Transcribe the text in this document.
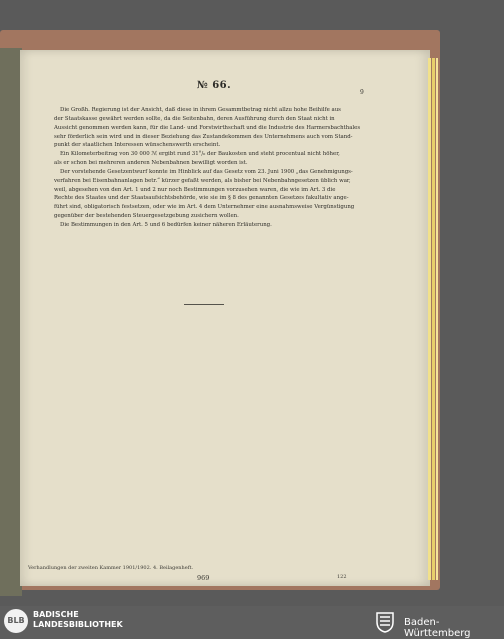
№ 66.
9
Die Großh. Regierung ist der Ansicht, daß diese in ihrem Gesammtbetrag nicht allzu hohe Beihilfe aus
der Staatskasse gewährt werden sollte, da die Seitenbahn, deren Ausführung durch den Staat nicht in
Aussicht genommen werden kann, für die Land- und Forstwirthschaft und die Industrie des Harmersbachthales
sehr förderlich sein wird und in dieser Beziehung das Zustandekommen des Unternehmens auch vom Stand-
punkt der staatlichen Interessen wünschenswerth erscheint.
Ein Kilometerbeitrag von 30 000 ℳ ergibt rund 31°/₀ der Baukosten und steht procentual nicht höher,
als er schon bei mehreren anderen Nebenbahnen bewilligt worden ist.
Der vorstehende Gesetzentwurf konnte im Hinblick auf das Gesetz vom 23. Juni 1900 „das Genehmigungs-
verfahren bei Eisenbahnanlagen betr.“ kürzer gefaßt werden, als bisher bei Nebenbahngesetzen üblich war,
weil, abgesehen von den Art. 1 und 2 nur noch Bestimmungen vorzusehen waren, die wie im Art. 3 die
Rechte des Staates und der Staatsaufsichtsbehörde, wie sie im § 8 des genannten Gesetzes fakultativ ange-
führt sind, obligatorisch festsetzen, oder wie im Art. 4 dem Unternehmer eine ausnahmsweise Vergünstigung
gegenüber der bestehenden Steuergesetzgebung zusichern wollen.
Die Bestimmungen in den Art. 5 und 6 bedürfen keiner näheren Erläuterung.
Verhandlungen der zweiten Kammer 1901/1902. 4. Beilagenheft.
969	122
BLB
BADISCHE
LANDESBIBLIOTHEK	Baden-Württemberg
